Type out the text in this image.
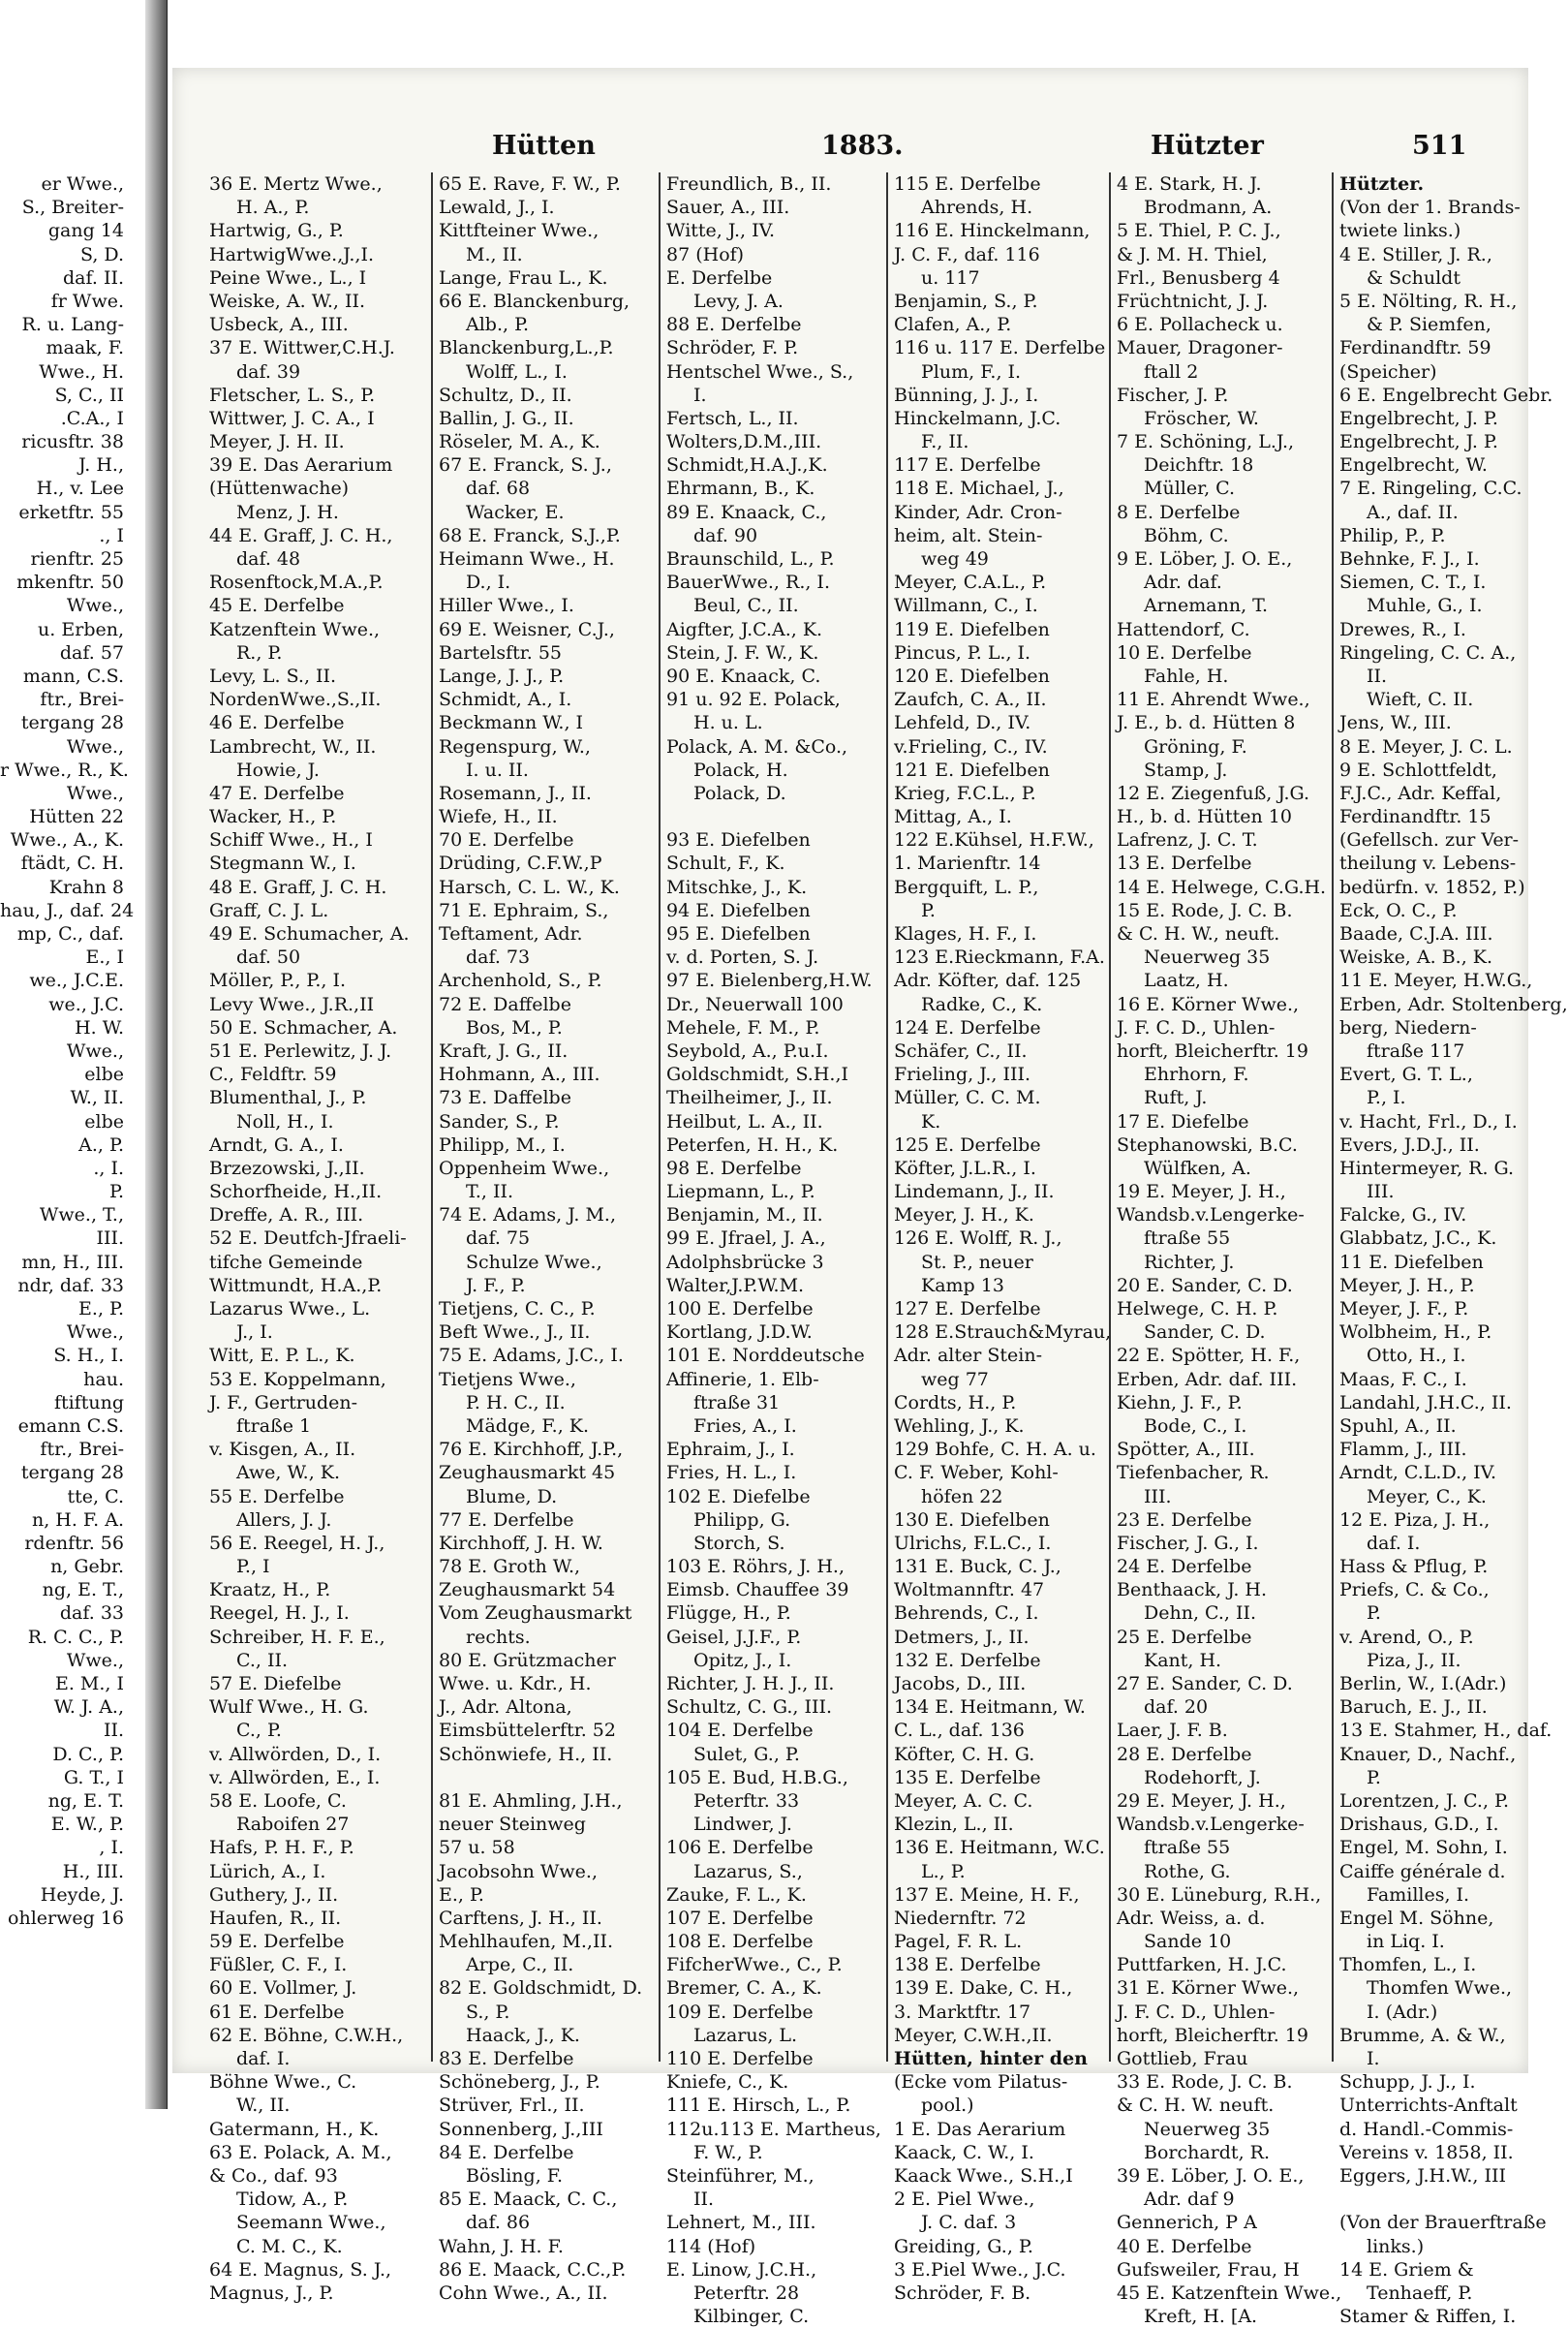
er Wwe.,
S., Breiter-
gang 14
S, D.
daf. II.
fr Wwe.
R. u. Lang-
maak, F.
Wwe., H.
S, C., II
.C.A., I
ricusftr. 38
J. H.,
H., v. Lee
erketftr. 55
., I
rienftr. 25
mkenftr. 50
Wwe.,
u. Erben,
daf. 57
mann, C.S.
ftr., Brei-
tergang 28
Wwe.,
r Wwe., R., K.
Wwe.,
Hütten 22
Wwe., A., K.
ftädt, C. H.
Krahn 8
hau, J., daf. 24
mp, C., daf.
E., I
we., J.C.E.
we., J.C.
H. W.
Wwe.,
elbe
W., II.
elbe
A., P.
., I.
P.
Wwe., T.,
III.
mn, H., III.
ndr, daf. 33
E., P.
Wwe.,
S. H., I.
hau.
ftiftung
emann C.S.
ftr., Brei-
tergang 28
tte, C.
n, H. F. A.
rdenftr. 56
n, Gebr.
ng, E. T.,
daf. 33
R. C. C., P.
Wwe.,
E. M., I
W. J. A.,
II.
D. C., P.
G. T., I
ng, E. T.
E. W., P.
, I.
H., III.
Heyde, J.
ohlerweg 16
Hütten	1883.	Hützter	511
36 E. Mertz Wwe.,
H. A., P.
Hartwig, G., P.
HartwigWwe.,J.,I.
Peine Wwe., L., I
Weiske, A. W., II.
Usbeck, A., III.
37 E. Wittwer,C.H.J.
daf. 39
Fletscher, L. S., P.
Wittwer, J. C. A., I
Meyer, J. H. II.
39 E. Das Aerarium
(Hüttenwache)
Menz, J. H.
44 E. Graff, J. C. H.,
daf. 48
Rosenftock,M.A.,P.
45 E. Derfelbe
Katzenftein Wwe.,
R., P.
Levy, L. S., II.
NordenWwe.,S.,II.
46 E. Derfelbe
Lambrecht, W., II.
Howie, J.
47 E. Derfelbe
Wacker, H., P.
Schiff Wwe., H., I
Stegmann W., I.
48 E. Graff, J. C. H.
Graff, C. J. L.
49 E. Schumacher, A.
daf. 50
Möller, P., P., I.
Levy Wwe., J.R.,II
50 E. Schmacher, A.
51 E. Perlewitz, J. J.
C., Feldftr. 59
Blumenthal, J., P.
Noll, H., I.
Arndt, G. A., I.
Brzezowski, J.,II.
Schorfheide, H.,II.
Dreffe, A. R., III.
52 E. Deutfch-Jfraeli-
tifche Gemeinde
Wittmundt, H.A.,P.
Lazarus Wwe., L.
J., I.
Witt, E. P. L., K.
53 E. Koppelmann,
J. F., Gertruden-
ftraße 1
v. Kisgen, A., II.
Awe, W., K.
55 E. Derfelbe
Allers, J. J.
56 E. Reegel, H. J.,
P., I
Kraatz, H., P.
Reegel, H. J., I.
Schreiber, H. F. E.,
C., II.
57 E. Diefelbe
Wulf Wwe., H. G.
C., P.
v. Allwörden, D., I.
v. Allwörden, E., I.
58 E. Loofe, C.
Raboifen 27
Hafs, P. H. F., P.
Lürich, A., I.
Guthery, J., II.
Haufen, R., II.
59 E. Derfelbe
Füßler, C. F., I.
60 E. Vollmer, J.
61 E. Derfelbe
62 E. Böhne, C.W.H.,
daf. I.
Böhne Wwe., C.
W., II.
Gatermann, H., K.
63 E. Polack, A. M.,
& Co., daf. 93
Tidow, A., P.
Seemann Wwe.,
C. M. C., K.
64 E. Magnus, S. J.,
Magnus, J., P.
65 E. Rave, F. W., P.
Lewald, J., I.
Kittfteiner Wwe.,
M., II.
Lange, Frau L., K.
66 E. Blanckenburg,
Alb., P.
Blanckenburg,L.,P.
Wolff, L., I.
Schultz, D., II.
Ballin, J. G., II.
Röseler, M. A., K.
67 E. Franck, S. J.,
daf. 68
Wacker, E.
68 E. Franck, S.J.,P.
Heimann Wwe., H.
D., I.
Hiller Wwe., I.
69 E. Weisner, C.J.,
Bartelsftr. 55
Lange, J. J., P.
Schmidt, A., I.
Beckmann W., I
Regenspurg, W.,
I. u. II.
Rosemann, J., II.
Wiefe, H., II.
70 E. Derfelbe
Drüding, C.F.W.,P
Harsch, C. L. W., K.
71 E. Ephraim, S.,
Teftament, Adr.
daf. 73
Archenhold, S., P.
72 E. Daffelbe
Bos, M., P.
Kraft, J. G., II.
Hohmann, A., III.
73 E. Daffelbe
Sander, S., P.
Philipp, M., I.
Oppenheim Wwe.,
T., II.
74 E. Adams, J. M.,
daf. 75
Schulze Wwe.,
J. F., P.
Tietjens, C. C., P.
Beft Wwe., J., II.
75 E. Adams, J.C., I.
Tietjens Wwe.,
P. H. C., II.
Mädge, F., K.
76 E. Kirchhoff, J.P.,
Zeughausmarkt 45
Blume, D.
77 E. Derfelbe
Kirchhoff, J. H. W.
78 E. Groth W.,
Zeughausmarkt 54
Vom Zeughausmarkt
rechts.
80 E. Grützmacher
Wwe. u. Kdr., H.
J., Adr. Altona,
Eimsbüttelerftr. 52
Schönwiefe, H., II.
81 E. Ahmling, J.H.,
neuer Steinweg
57 u. 58
Jacobsohn Wwe.,
E., P.
Carftens, J. H., II.
Mehlhaufen, M.,II.
Arpe, C., II.
82 E. Goldschmidt, D.
S., P.
Haack, J., K.
83 E. Derfelbe
Schöneberg, J., P.
Strüver, Frl., II.
Sonnenberg, J.,III
84 E. Derfelbe
Bösling, F.
85 E. Maack, C. C.,
daf. 86
Wahn, J. H. F.
86 E. Maack, C.C.,P.
Cohn Wwe., A., II.
Freundlich, B., II.
Sauer, A., III.
Witte, J., IV.
87 (Hof)
E. Derfelbe
Levy, J. A.
88 E. Derfelbe
Schröder, F. P.
Hentschel Wwe., S.,
I.
Fertsch, L., II.
Wolters,D.M.,III.
Schmidt,H.A.J.,K.
Ehrmann, B., K.
89 E. Knaack, C.,
daf. 90
Braunschild, L., P.
BauerWwe., R., I.
Beul, C., II.
Aigfter, J.C.A., K.
Stein, J. F. W., K.
90 E. Knaack, C.
91 u. 92 E. Polack,
H. u. L.
Polack, A. M. &Co.,
Polack, H.
Polack, D.
93 E. Diefelben
Schult, F., K.
Mitschke, J., K.
94 E. Diefelben
95 E. Diefelben
v. d. Porten, S. J.
97 E. Bielenberg,H.W.
Dr., Neuerwall 100
Mehele, F. M., P.
Seybold, A., P.u.I.
Goldschmidt, S.H.,I
Theilheimer, J., II.
Heilbut, L. A., II.
Peterfen, H. H., K.
98 E. Derfelbe
Liepmann, L., P.
Benjamin, M., II.
99 E. Jfrael, J. A.,
Adolphsbrücke 3
Walter,J.P.W.M.
100 E. Derfelbe
Kortlang, J.D.W.
101 E. Norddeutsche
Affinerie, 1. Elb-
ftraße 31
Fries, A., I.
Ephraim, J., I.
Fries, H. L., I.
102 E. Diefelbe
Philipp, G.
Storch, S.
103 E. Röhrs, J. H.,
Eimsb. Chauffee 39
Flügge, H., P.
Geisel, J.J.F., P.
Opitz, J., I.
Richter, J. H. J., II.
Schultz, C. G., III.
104 E. Derfelbe
Sulet, G., P.
105 E. Bud, H.B.G.,
Peterftr. 33
Lindwer, J.
106 E. Derfelbe
Lazarus, S.,
Zauke, F. L., K.
107 E. Derfelbe
108 E. Derfelbe
FifcherWwe., C., P.
Bremer, C. A., K.
109 E. Derfelbe
Lazarus, L.
110 E. Derfelbe
Kniefe, C., K.
111 E. Hirsch, L., P.
112u.113 E. Martheus,
F. W., P.
Steinführer, M.,
II.
Lehnert, M., III.
114 (Hof)
E. Linow, J.C.H.,
Peterftr. 28
Kilbinger, C.
115 E. Derfelbe
Ahrends, H.
116 E. Hinckelmann,
J. C. F., daf. 116
u. 117
Benjamin, S., P.
Clafen, A., P.
116 u. 117 E. Derfelbe
Plum, F., I.
Bünning, J. J., I.
Hinckelmann, J.C.
F., II.
117 E. Derfelbe
118 E. Michael, J.,
Kinder, Adr. Cron-
heim, alt. Stein-
weg 49
Meyer, C.A.L., P.
Willmann, C., I.
119 E. Diefelben
Pincus, P. L., I.
120 E. Diefelben
Zaufch, C. A., II.
Lehfeld, D., IV.
v.Frieling, C., IV.
121 E. Diefelben
Krieg, F.C.L., P.
Mittag, A., I.
122 E.Kühsel, H.F.W.,
1. Marienftr. 14
Bergquift, L. P.,
P.
Klages, H. F., I.
123 E.Rieckmann, F.A.
Adr. Köfter, daf. 125
Radke, C., K.
124 E. Derfelbe
Schäfer, C., II.
Frieling, J., III.
Müller, C. C. M.
K.
125 E. Derfelbe
Köfter, J.L.R., I.
Lindemann, J., II.
Meyer, J. H., K.
126 E. Wolff, R. J.,
St. P., neuer
Kamp 13
127 E. Derfelbe
128 E.Strauch&Myrau,
Adr. alter Stein-
weg 77
Cordts, H., P.
Wehling, J., K.
129 Bohfe, C. H. A. u.
C. F. Weber, Kohl-
höfen 22
130 E. Diefelben
Ulrichs, F.L.C., I.
131 E. Buck, C. J.,
Woltmannftr. 47
Behrends, C., I.
Detmers, J., II.
132 E. Derfelbe
Jacobs, D., III.
134 E. Heitmann, W.
C. L., daf. 136
Köfter, C. H. G.
135 E. Derfelbe
Meyer, A. C. C.
Klezin, L., II.
136 E. Heitmann, W.C.
L., P.
137 E. Meine, H. F.,
Niedernftr. 72
Pagel, F. R. L.
138 E. Derfelbe
139 E. Dake, C. H.,
3. Marktftr. 17
Meyer, C.W.H.,II.
Hütten, hinter den
(Ecke vom Pilatus-
pool.)
1 E. Das Aerarium
Kaack, C. W., I.
Kaack Wwe., S.H.,I
2 E. Piel Wwe.,
J. C. daf. 3
Greiding, G., P.
3 E.Piel Wwe., J.C.
Schröder, F. B.
4 E. Stark, H. J.
Brodmann, A.
5 E. Thiel, P. C. J.,
& J. M. H. Thiel,
Frl., Benusberg 4
Früchtnicht, J. J.
6 E. Pollacheck u.
Mauer, Dragoner-
ftall 2
Fischer, J. P.
Fröscher, W.
7 E. Schöning, L.J.,
Deichftr. 18
Müller, C.
8 E. Derfelbe
Böhm, C.
9 E. Löber, J. O. E.,
Adr. daf.
Arnemann, T.
Hattendorf, C.
10 E. Derfelbe
Fahle, H.
11 E. Ahrendt Wwe.,
J. E., b. d. Hütten 8
Gröning, F.
Stamp, J.
12 E. Ziegenfuß, J.G.
H., b. d. Hütten 10
Lafrenz, J. C. T.
13 E. Derfelbe
14 E. Helwege, C.G.H.
15 E. Rode, J. C. B.
& C. H. W., neuft.
Neuerweg 35
Laatz, H.
16 E. Körner Wwe.,
J. F. C. D., Uhlen-
horft, Bleicherftr. 19
Ehrhorn, F.
Ruft, J.
17 E. Diefelbe
Stephanowski, B.C.
Wülfken, A.
19 E. Meyer, J. H.,
Wandsb.v.Lengerke-
ftraße 55
Richter, J.
20 E. Sander, C. D.
Helwege, C. H. P.
Sander, C. D.
22 E. Spötter, H. F.,
Erben, Adr. daf. III.
Kiehn, J. F., P.
Bode, C., I.
Spötter, A., III.
Tiefenbacher, R.
III.
23 E. Derfelbe
Fischer, J. G., I.
24 E. Derfelbe
Benthaack, J. H.
Dehn, C., II.
25 E. Derfelbe
Kant, H.
27 E. Sander, C. D.
daf. 20
Laer, J. F. B.
28 E. Derfelbe
Rodehorft, J.
29 E. Meyer, J. H.,
Wandsb.v.Lengerke-
ftraße 55
Rothe, G.
30 E. Lüneburg, R.H.,
Adr. Weiss, a. d.
Sande 10
Puttfarken, H. J.C.
31 E. Körner Wwe.,
J. F. C. D., Uhlen-
horft, Bleicherftr. 19
Gottlieb, Frau
33 E. Rode, J. C. B.
& C. H. W. neuft.
Neuerweg 35
Borchardt, R.
39 E. Löber, J. O. E.,
Adr. daf 9
Gennerich, P A
40 E. Derfelbe
Gufsweiler, Frau, H
45 E. Katzenftein Wwe.,
Kreft, H. [A.
Hützter.
(Von der 1. Brands-
twiete links.)
4 E. Stiller, J. R.,
& Schuldt
5 E. Nölting, R. H.,
& P. Siemfen,
Ferdinandftr. 59
(Speicher)
6 E. Engelbrecht Gebr.
Engelbrecht, J. P.
Engelbrecht, J. P.
Engelbrecht, W.
7 E. Ringeling, C.C.
A., daf. II.
Philip, P., P.
Behnke, F. J., I.
Siemen, C. T., I.
Muhle, G., I.
Drewes, R., I.
Ringeling, C. C. A.,
II.
Wieft, C. II.
Jens, W., III.
8 E. Meyer, J. C. L.
9 E. Schlottfeldt,
F.J.C., Adr. Keffal,
Ferdinandftr. 15
(Gefellsch. zur Ver-
theilung v. Lebens-
bedürfn. v. 1852, P.)
Eck, O. C., P.
Baade, C.J.A. III.
Weiske, A. B., K.
11 E. Meyer, H.W.G.,
Erben, Adr. Stoltenberg,
berg, Niedern-
ftraße 117
Evert, G. T. L.,
P., I.
v. Hacht, Frl., D., I.
Evers, J.D.J., II.
Hintermeyer, R. G.
III.
Falcke, G., IV.
Glabbatz, J.C., K.
11 E. Diefelben
Meyer, J. H., P.
Meyer, J. F., P.
Wolbheim, H., P.
Otto, H., I.
Maas, F. C., I.
Landahl, J.H.C., II.
Spuhl, A., II.
Flamm, J., III.
Arndt, C.L.D., IV.
Meyer, C., K.
12 E. Piza, J. H.,
daf. I.
Hass & Pflug, P.
Priefs, C. & Co.,
P.
v. Arend, O., P.
Piza, J., II.
Berlin, W., I.(Adr.)
Baruch, E. J., II.
13 E. Stahmer, H., daf.
Knauer, D., Nachf.,
P.
Lorentzen, J. C., P.
Drishaus, G.D., I.
Engel, M. Sohn, I.
Caiffe générale d.
Familles, I.
Engel M. Söhne,
in Liq. I.
Thomfen, L., I.
Thomfen Wwe.,
I. (Adr.)
Brumme, A. & W.,
I.
Schupp, J. J., I.
Unterrichts-Anftalt
d. Handl.-Commis-
Vereins v. 1858, II.
Eggers, J.H.W., III
(Von der Brauerftraße
links.)
14 E. Griem &
Tenhaeff, P.
Stamer & Riffen, I.
